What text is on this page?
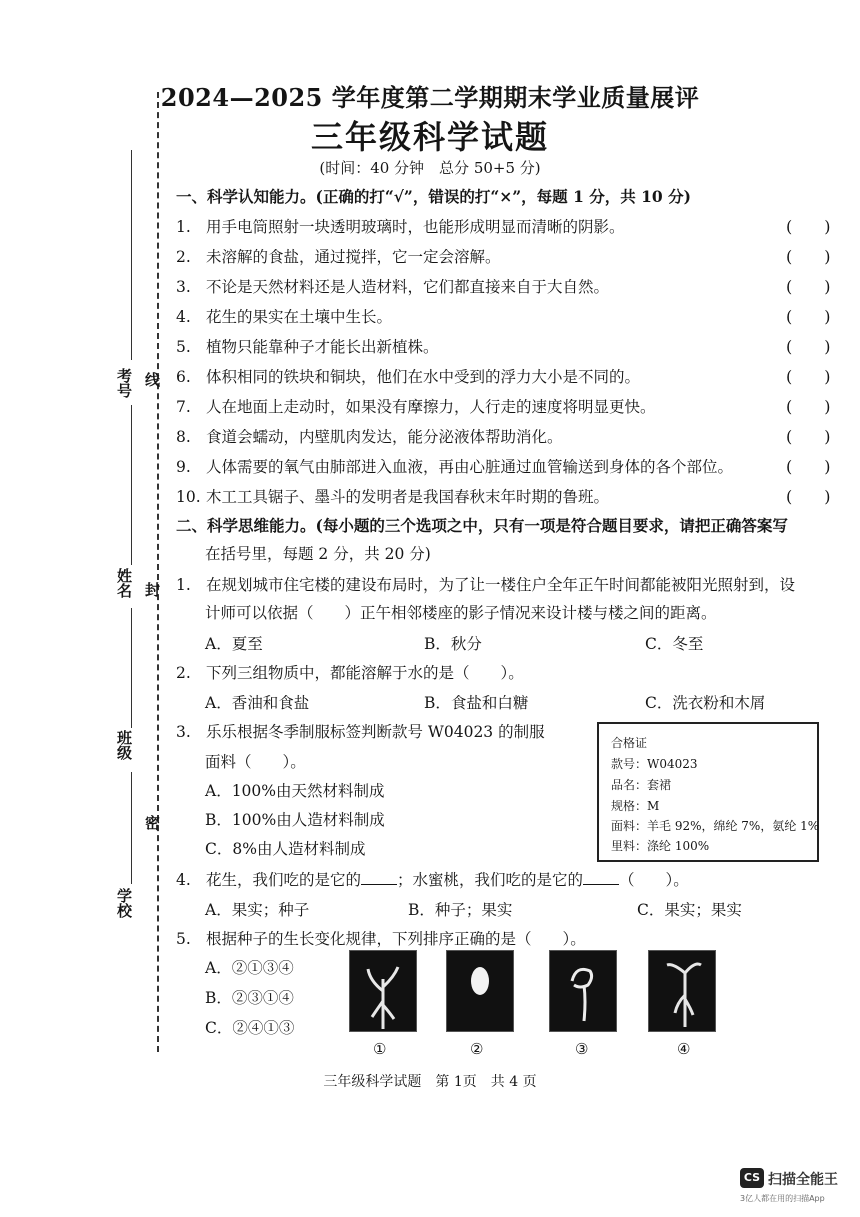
考号 线
姓名 封
班级
密
学校
2024—2025 学年度第二学期期末学业质量展评
三年级科学试题
(时间：40 分钟　总分 50+5 分)
一、科学认知能力。(正确的打“√”，错误的打“×”，每题 1 分，共 10 分)
1. 用手电筒照射一块透明玻璃时，也能形成明显而清晰的阴影。	(　　)
2. 未溶解的食盐，通过搅拌，它一定会溶解。	(　　)
3. 不论是天然材料还是人造材料，它们都直接来自于大自然。	(　　)
4. 花生的果实在土壤中生长。	(　　)
5. 植物只能靠种子才能长出新植株。	(　　)
6. 体积相同的铁块和铜块，他们在水中受到的浮力大小是不同的。	(　　)
7. 人在地面上走动时，如果没有摩擦力，人行走的速度将明显更快。	(　　)
8. 食道会蠕动，内壁肌肉发达，能分泌液体帮助消化。	(　　)
9. 人体需要的氧气由肺部进入血液，再由心脏通过血管输送到身体的各个部位。	(　　)
10. 木工工具锯子、墨斗的发明者是我国春秋末年时期的鲁班。	(　　)
二、科学思维能力。(每小题的三个选项之中，只有一项是符合题目要求，请把正确答案写
在括号里，每题 2 分，共 20 分)
1. 在规划城市住宅楼的建设布局时，为了让一楼住户全年正午时间都能被阳光照射到，设
计师可以依据（　　）正午相邻楼座的影子情况来设计楼与楼之间的距离。
A．夏至	B．秋分	C．冬至
2. 下列三组物质中，都能溶解于水的是（　　）。
A．香油和食盐	B．食盐和白糖	C．洗衣粉和木屑
3. 乐乐根据冬季制服标签判断款号 W04023 的制服
面料（　　）。
A．100%由天然材料制成
B．100%由人造材料制成
C．8%由人造材料制成
合格证
款号：W04023
品名：套裙
规格：M
面料：羊毛 92%，绵纶 7%，氨纶 1%
里料：涤纶 100%
4. 花生，我们吃的是它的 ；水蜜桃，我们吃的是它的 （　　）。
A．果实；种子	B．种子；果实	C．果实；果实
5. 根据种子的生长变化规律，下列排序正确的是（　　）。
A．②①③④
B．②③①④
C．②④①③
①	②	③	④
三年级科学试题　第 1页　共 4 页
CS 扫描全能王
3亿人都在用的扫描App
